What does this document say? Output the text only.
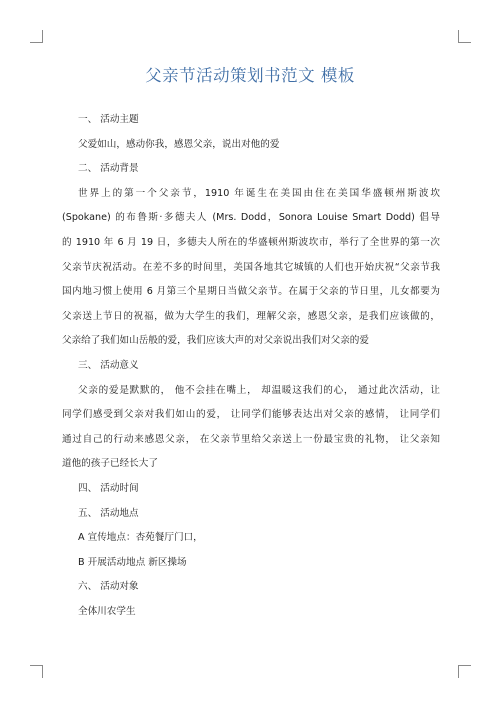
父亲节活动策划书范文 模板
一、 活动主题
父爱如山，感动你我，感恩父亲，说出对他的爱
二、 活动背景
世界上的第一个父亲节，1910 年诞生在美国由住在美国华盛顿州斯波坎
(Spokane) 的布鲁斯·多德夫人 (Mrs. Dodd，Sonora Louise Smart Dodd) 倡导
的 1910 年 6 月 19 日，多德夫人所在的华盛顿州斯波坎市，举行了全世界的第一次
父亲节庆祝活动。在差不多的时间里，美国各地其它城镇的人们也开始庆祝“父亲节我
国内地习惯上使用 6 月第三个星期日当做父亲节。在属于父亲的节日里，儿女都要为
父亲送上节日的祝福，做为大学生的我们，理解父亲，感恩父亲，是我们应该做的，
父亲给了我们如山岳般的爱，我们应该大声的对父亲说出我们对父亲的爱
三、 活动意义
父亲的爱是默默的， 他不会挂在嘴上， 却温暖这我们的心， 通过此次活动，让
同学们感受到父亲对我们如山的爱， 让同学们能够表达出对父亲的感情， 让同学们
通过自己的行动来感恩父亲， 在父亲节里给父亲送上一份最宝贵的礼物， 让父亲知
道他的孩子已经长大了
四、 活动时间
五、 活动地点
A 宣传地点：杏苑餐厅门口，
B 开展活动地点 新区操场
六、 活动对象
全体川农学生
